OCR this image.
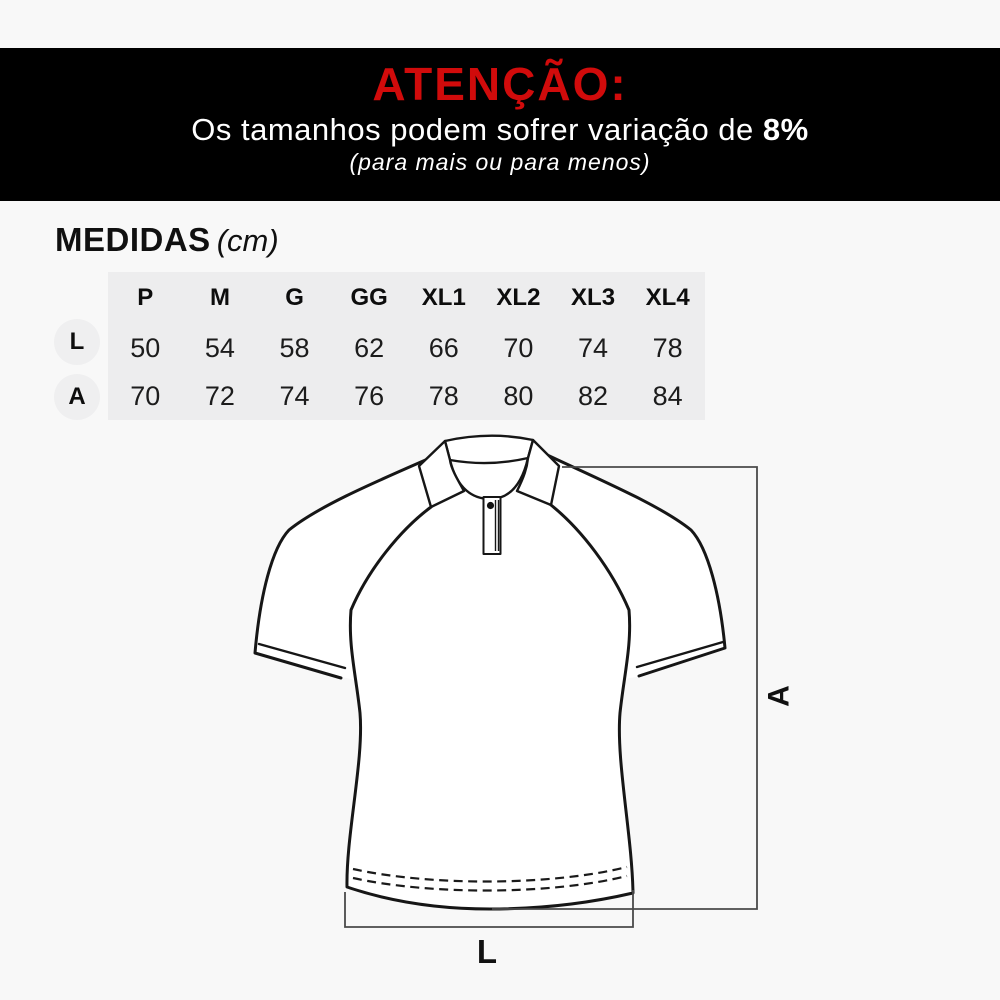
ATENÇÃO:
Os tamanhos podem sofrer variação de 8%
(para mais ou para menos)
MEDIDAS (cm)
L
A
P	M	G	GG	XL1	XL2	XL3	XL4
50	54	58	62	66	70	74	78
70	72	74	76	78	80	82	84
A
L
